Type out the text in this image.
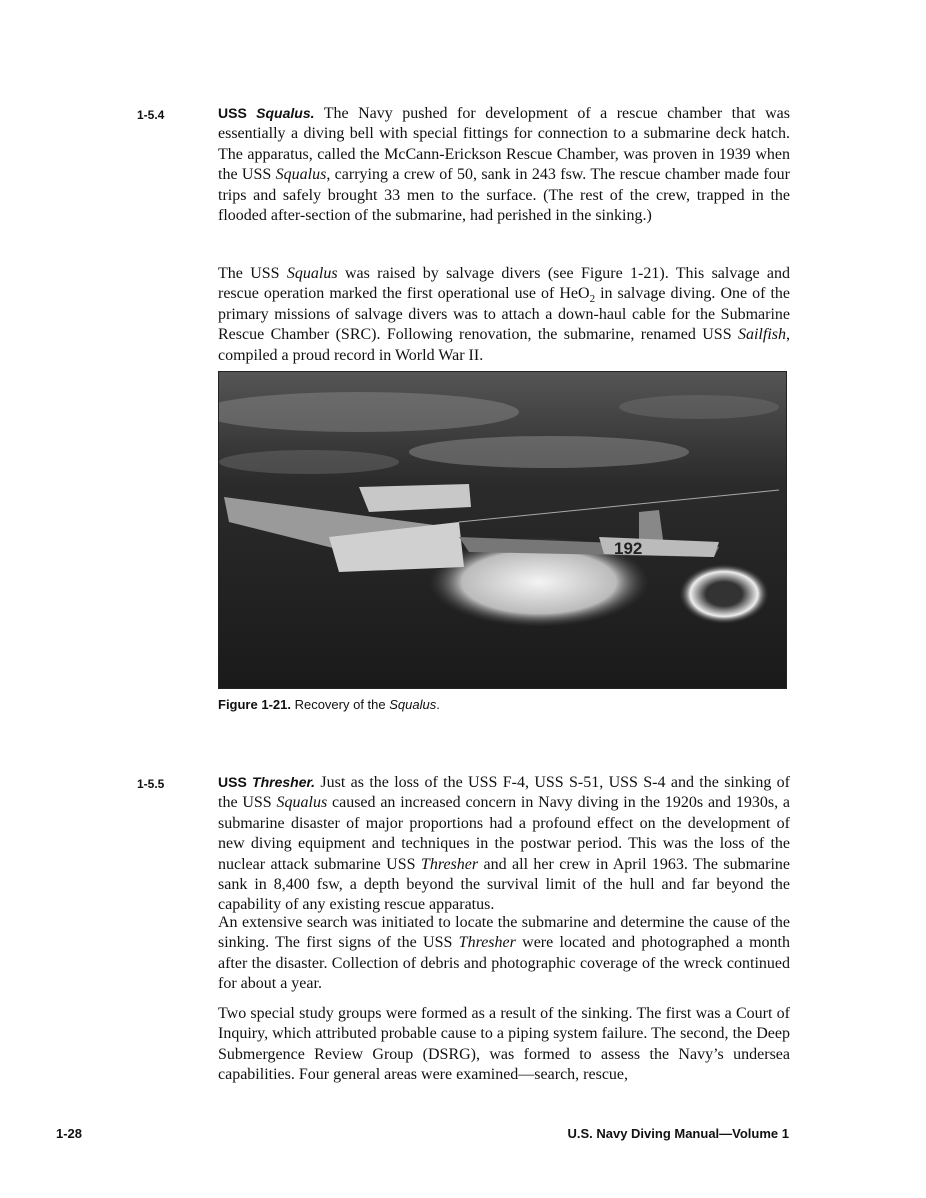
1-5.4	USS Squalus. The Navy pushed for development of a rescue chamber that was essentially a diving bell with special fittings for connection to a submarine deck hatch. The apparatus, called the McCann-Erickson Rescue Chamber, was proven in 1939 when the USS Squalus, carrying a crew of 50, sank in 243 fsw. The rescue chamber made four trips and safely brought 33 men to the surface. (The rest of the crew, trapped in the flooded after-section of the submarine, had perished in the sinking.)

The USS Squalus was raised by salvage divers (see Figure 1-21). This salvage and rescue operation marked the first operational use of HeO$_2$ in salvage diving. One of the primary missions of salvage divers was to attach a down-haul cable for the Submarine Rescue Chamber (SRC). Following renovation, the submarine, renamed USS Sailfish, compiled a proud record in World War II.

192
Figure 1-21. Recovery of the Squalus.
1-5.5	USS Thresher. Just as the loss of the USS F-4, USS S-51, USS S-4 and the sinking of the USS Squalus caused an increased concern in Navy diving in the 1920s and 1930s, a submarine disaster of major proportions had a profound effect on the development of new diving equipment and techniques in the postwar period. This was the loss of the nuclear attack submarine USS Thresher and all her crew in April 1963. The submarine sank in 8,400 fsw, a depth beyond the survival limit of the hull and far beyond the capability of any existing rescue apparatus.

An extensive search was initiated to locate the submarine and determine the cause of the sinking. The first signs of the USS Thresher were located and photographed a month after the disaster. Collection of debris and photographic coverage of the wreck continued for about a year.

Two special study groups were formed as a result of the sinking. The first was a Court of Inquiry, which attributed probable cause to a piping system failure. The second, the Deep Submergence Review Group (DSRG), was formed to assess the Navy’s undersea capabilities. Four general areas were examined—search, rescue,

1-28	U.S. Navy Diving Manual—Volume 1
